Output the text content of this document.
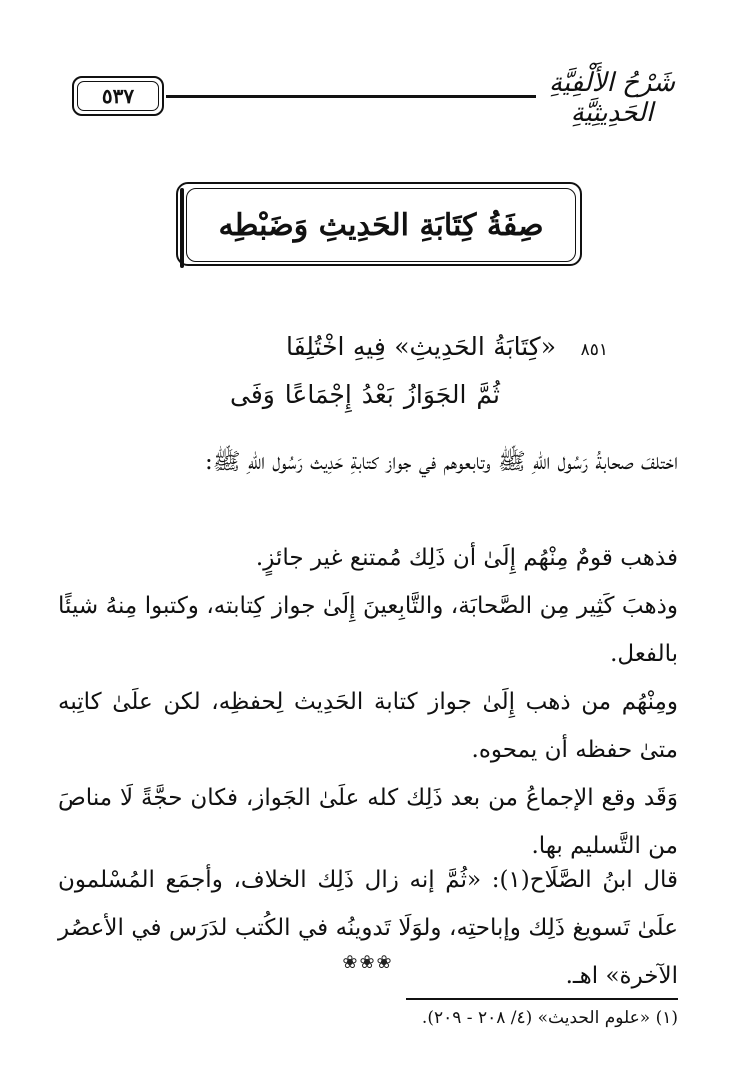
٥٣٧	شَرْحُ الأَلْفِيَّةِ الحَدِيثِيَّةِ
صِفَةُ كِتَابَةِ الحَدِيثِ وَضَبْطِه
٨٥١
«كِتَابَةُ الحَدِيثِ» فِيهِ اخْتُلِفَا
ثُمَّ الجَوَازُ بَعْدُ إِجْمَاعًا وَفَى
اختلفَ صحابةُ رَسُول اللهِ ﷺ وتابعوهم في جواز كتابةِ حَدِيث رَسُول اللهِ ﷺ:
فذهب قومٌ مِنْهُم إِلَىٰ أن ذَلِك مُمتنع غير جائزٍ.
وذهبَ كَثِير مِن الصَّحابَة، والتَّابِعينَ إِلَىٰ جواز كِتابته، وكتبوا مِنهُ شيئًا بالفعل.
ومِنْهُم من ذهب إِلَىٰ جواز كتابة الحَدِيث لِحفظِه، لكن علَىٰ كاتِبه متىٰ حفظه أن يمحوه.
وَقَد وقع الإجماعُ من بعد ذَلِك كله علَىٰ الجَواز، فكان حجَّةً لَا مناصَ من التَّسليم بها.
قال ابنُ الصَّلَاح(١): «ثُمَّ إنه زال ذَلِك الخلاف، وأجمَع المُسْلمون علَىٰ تَسويغ ذَلِك وإباحتِه، ولوَلَا تَدوينُه في الكُتب لدَرَس في الأعصُر الآخرة» اهـ.
❀❀❀
(١) «علوم الحديث» (٤/ ٢٠٨ - ٢٠٩).
